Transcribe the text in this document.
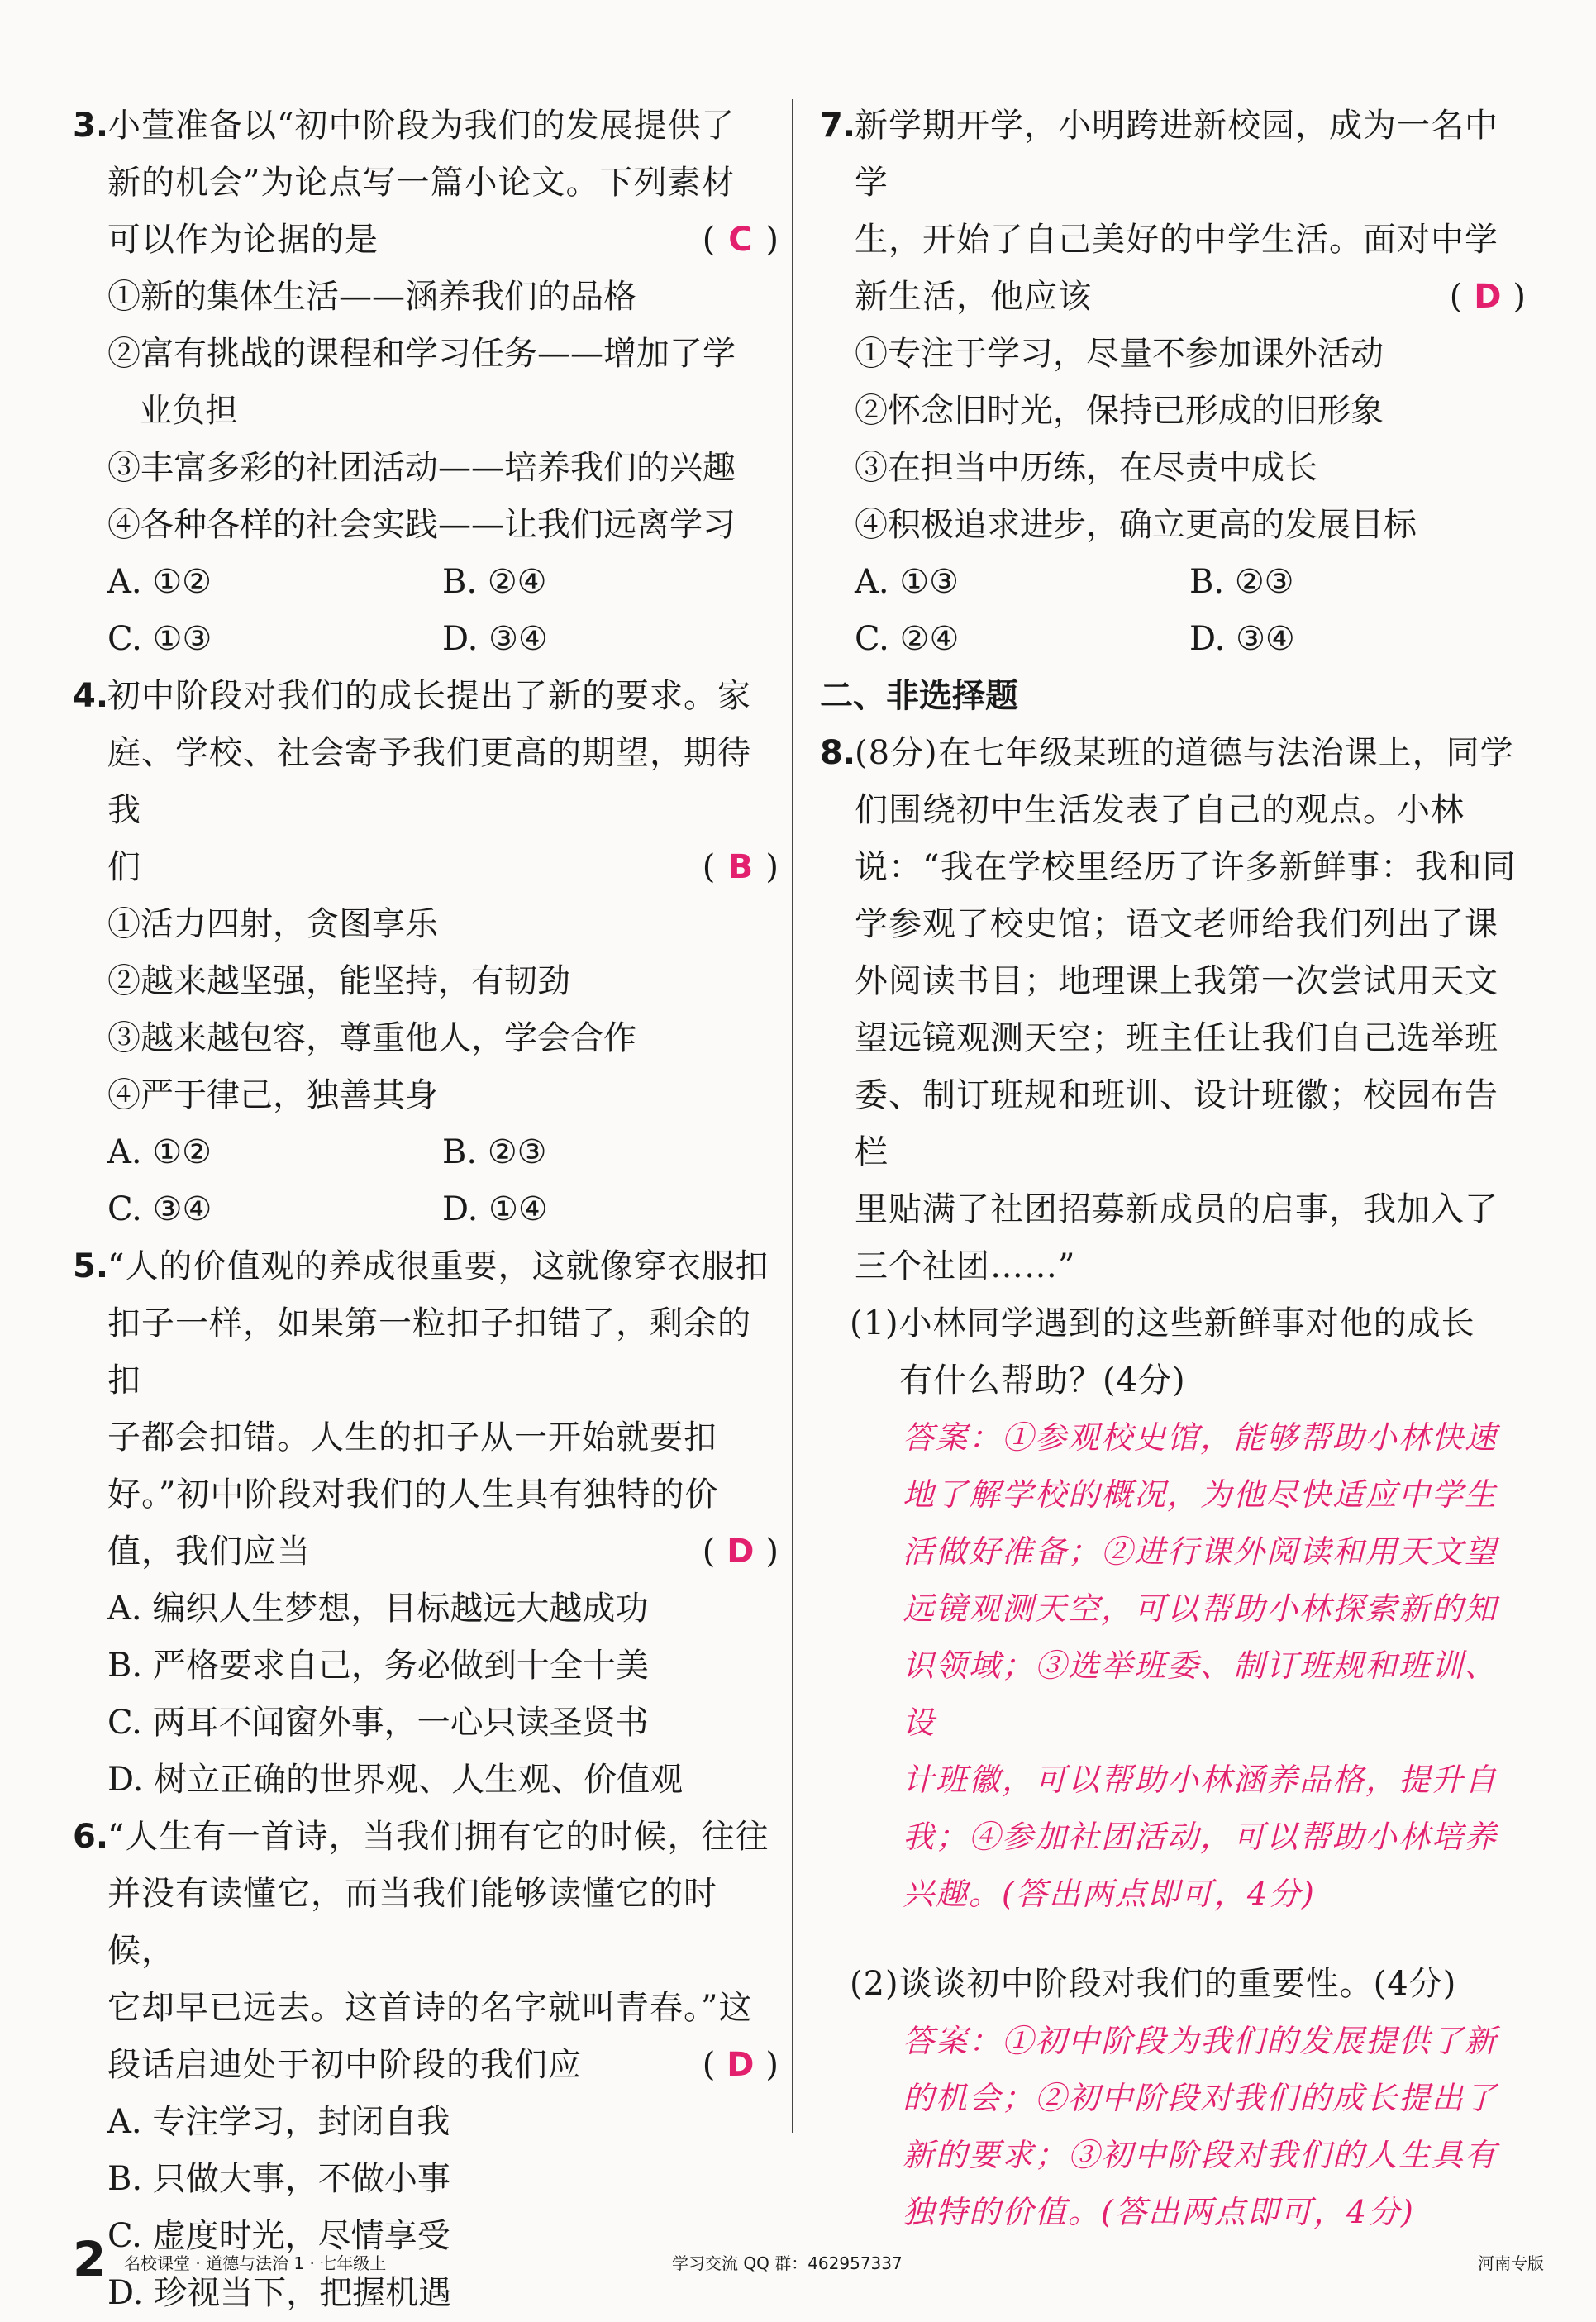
3.
小萱准备以“初中阶段为我们的发展提供了
新的机会”为论点写一篇小论文。下列素材
可以作为论据的是	( C )
①新的集体生活——涵养我们的品格
②富有挑战的课程和学习任务——增加了学
业负担
③丰富多彩的社团活动——培养我们的兴趣
④各种各样的社会实践——让我们远离学习
A. ①②	B. ②④
C. ①③	D. ③④
4.
初中阶段对我们的成长提出了新的要求。家
庭、学校、社会寄予我们更高的期望，期待我
们	( B )
①活力四射，贪图享乐
②越来越坚强，能坚持，有韧劲
③越来越包容，尊重他人，学会合作
④严于律己，独善其身
A. ①②	B. ②③
C. ③④	D. ①④
5.
“人的价值观的养成很重要，这就像穿衣服扣
扣子一样，如果第一粒扣子扣错了，剩余的扣
子都会扣错。人生的扣子从一开始就要扣
好。”初中阶段对我们的人生具有独特的价
值，我们应当	( D )
A. 编织人生梦想，目标越远大越成功
B. 严格要求自己，务必做到十全十美
C. 两耳不闻窗外事，一心只读圣贤书
D. 树立正确的世界观、人生观、价值观
6.
“人生有一首诗，当我们拥有它的时候，往往
并没有读懂它，而当我们能够读懂它的时候，
它却早已远去。这首诗的名字就叫青春。”这
段话启迪处于初中阶段的我们应	( D )
A. 专注学习，封闭自我
B. 只做大事，不做小事
C. 虚度时光，尽情享受
D. 珍视当下，把握机遇
7.
新学期开学，小明跨进新校园，成为一名中学
生，开始了自己美好的中学生活。面对中学
新生活，他应该	( D )
①专注于学习，尽量不参加课外活动
②怀念旧时光，保持已形成的旧形象
③在担当中历练，在尽责中成长
④积极追求进步，确立更高的发展目标
A. ①③	B. ②③
C. ②④	D. ③④
二、非选择题
8.
(8分)在七年级某班的道德与法治课上，同学
们围绕初中生活发表了自己的观点。小林
说：“我在学校里经历了许多新鲜事：我和同
学参观了校史馆；语文老师给我们列出了课
外阅读书目；地理课上我第一次尝试用天文
望远镜观测天空；班主任让我们自己选举班
委、制订班规和班训、设计班徽；校园布告栏
里贴满了社团招募新成员的启事，我加入了
三个社团……”
(1)小林同学遇到的这些新鲜事对他的成长
有什么帮助？(4分)
答案：①参观校史馆，能够帮助小林快速
地了解学校的概况，为他尽快适应中学生
活做好准备；②进行课外阅读和用天文望
远镜观测天空，可以帮助小林探索新的知
识领域；③选举班委、制订班规和班训、设
计班徽，可以帮助小林涵养品格，提升自
我；④参加社团活动，可以帮助小林培养
兴趣。(答出两点即可，4分)
(2)谈谈初中阶段对我们的重要性。(4分)
答案：①初中阶段为我们的发展提供了新
的机会；②初中阶段对我们的成长提出了
新的要求；③初中阶段对我们的人生具有
独特的价值。(答出两点即可，4分)
2 名校课堂 · 道德与法治 1 · 七年级上	学习交流 QQ 群：462957337	河南专版
